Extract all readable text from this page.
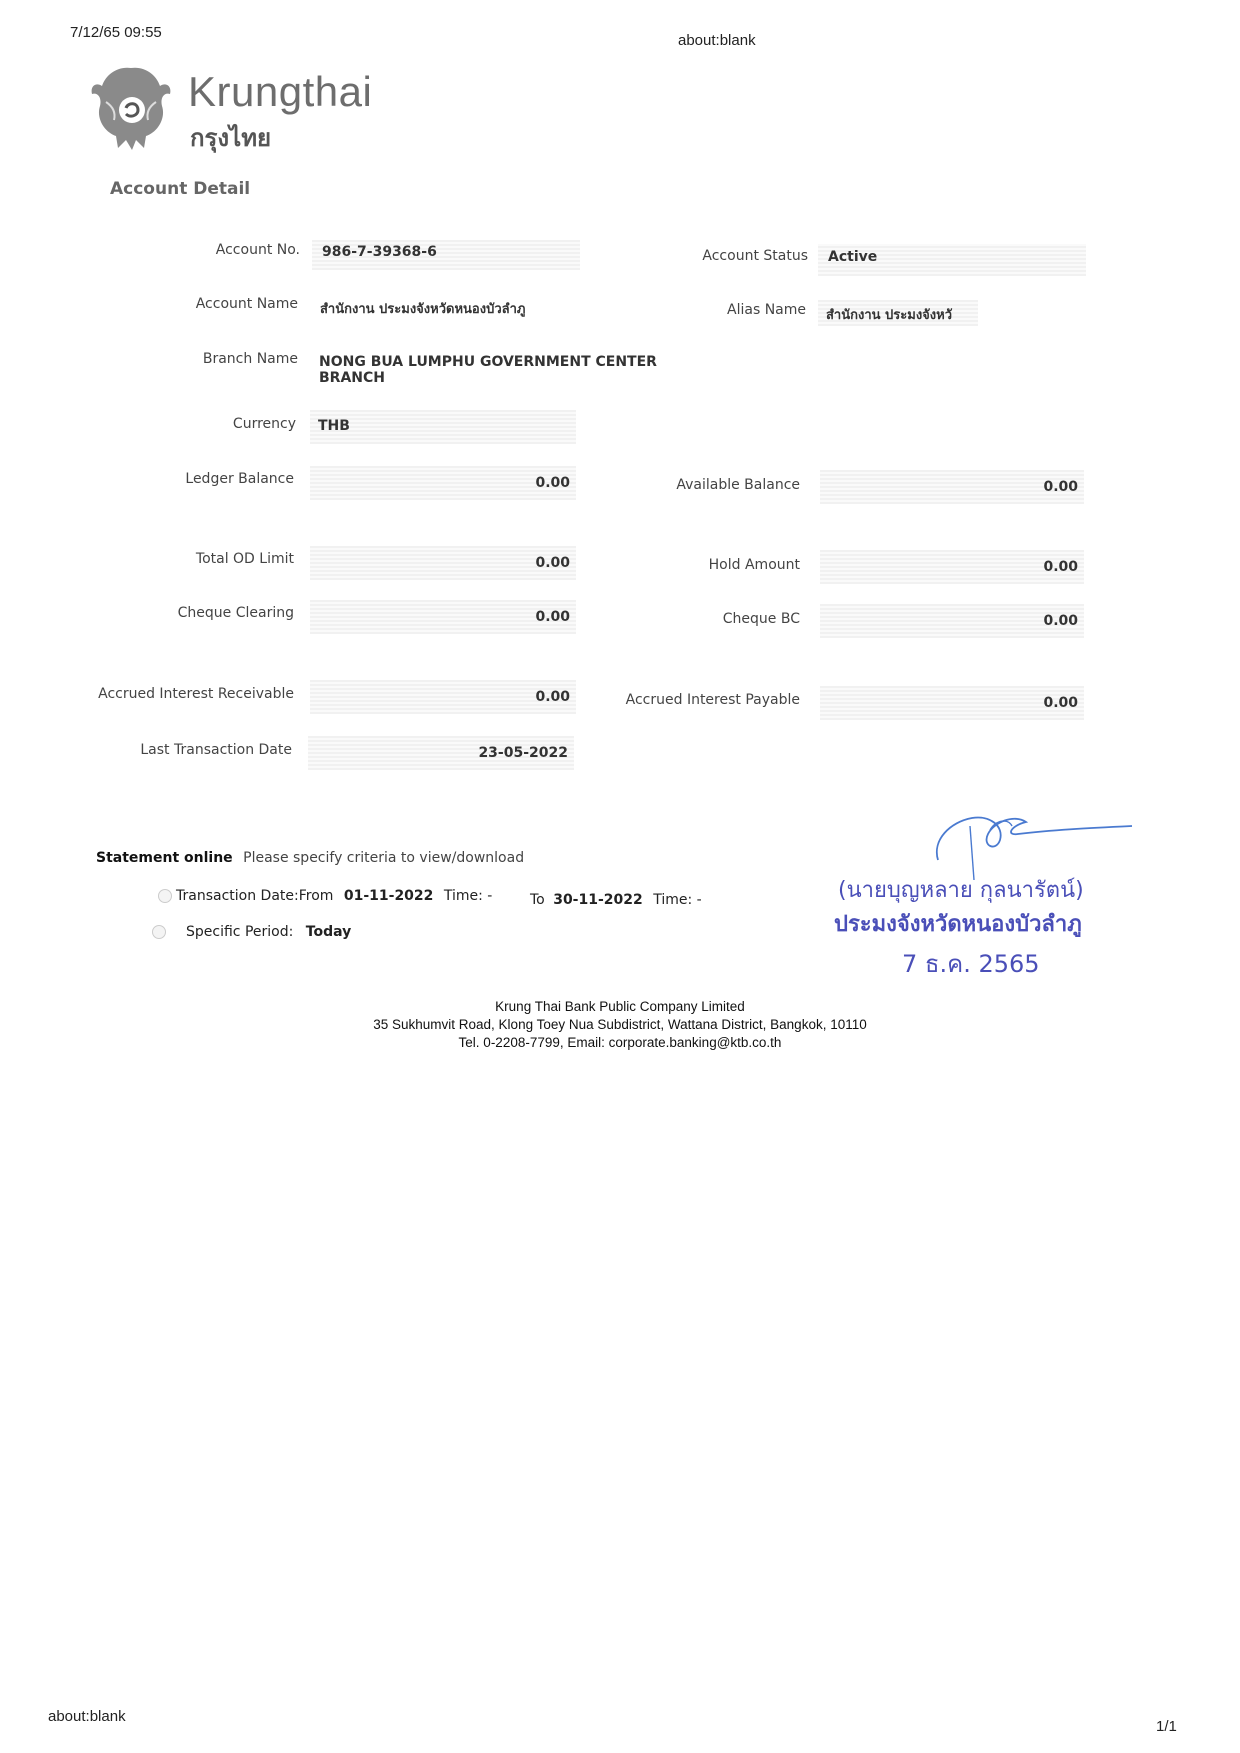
7/12/65 09:55	about:blank
Krungthai
กรุงไทย
Account Detail
Account No. 986-7-39368-6	Account Status Active
Account Name สำนักงาน ประมงจังหวัดหนองบัวลำภู	Alias Name สำนักงาน ประมงจังหวั
Branch Name NONG BUA LUMPHU GOVERNMENT CENTER
BRANCH
Currency THB
Ledger Balance	0.00	Available Balance	0.00
Total OD Limit	0.00	Hold Amount	0.00
Cheque Clearing	0.00	Cheque BC	0.00
Accrued Interest Receivable	0.00	Accrued Interest Payable	0.00
Last Transaction Date	23-05-2022
Statement online Please specify criteria to view/download
Transaction Date:From 01-11-2022 Time: -	To 30-11-2022 Time: -
Specific Period: Today
(นายบุญหลาย กุลนารัตน์)
ประมงจังหวัดหนองบัวลำภู
7 ธ.ค. 2565
Krung Thai Bank Public Company Limited
35 Sukhumvit Road, Klong Toey Nua Subdistrict, Wattana District, Bangkok, 10110
Tel. 0-2208-7799, Email: corporate.banking@ktb.co.th
about:blank
1/1
